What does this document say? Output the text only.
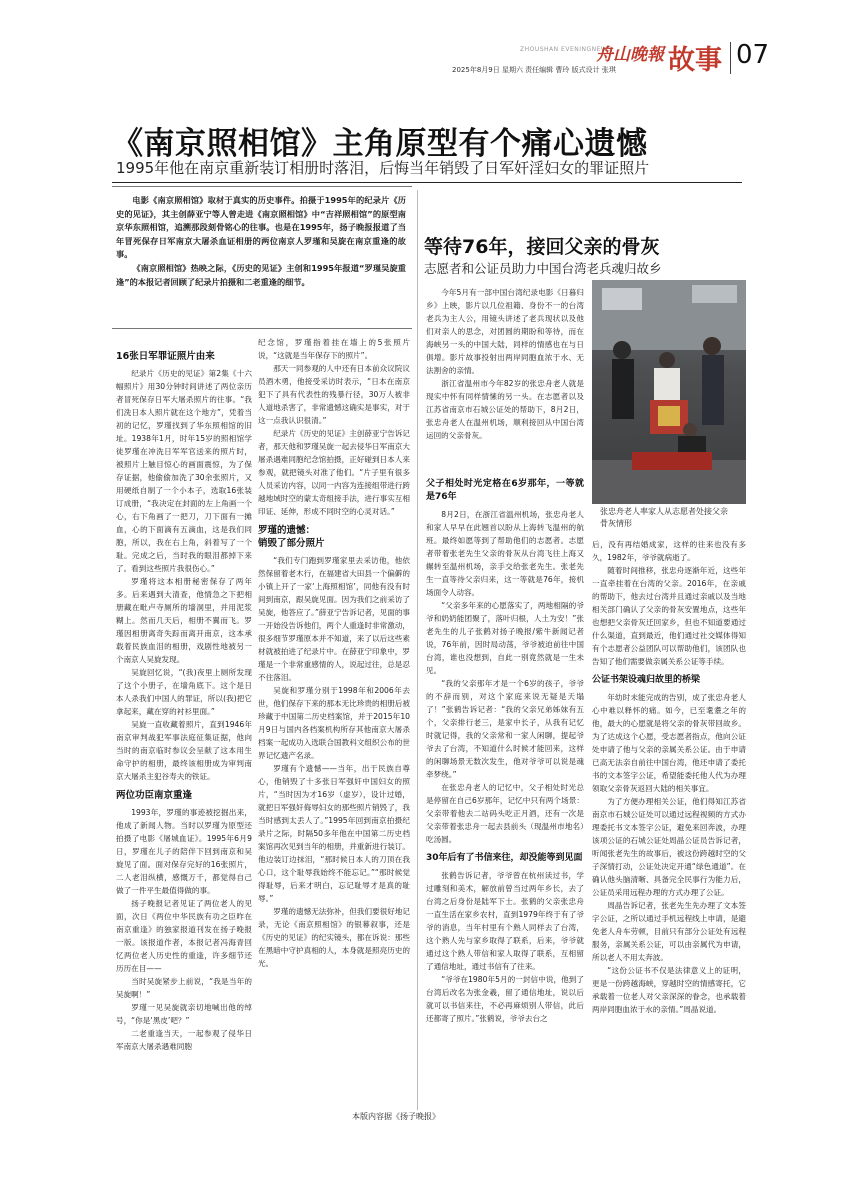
ZHOUSHAN EVENINGNEWS
舟山晚報
2025年8月9日 星期六 责任编辑 曹玲 版式设计 张琪 故事 07
《南京照相馆》主角原型有个痛心遗憾
1995年他在南京重新装订相册时落泪，后悔当年销毁了日军奸淫妇女的罪证照片

电影《南京照相馆》取材于真实的历史事件。拍摄于1995年的纪录片《历史的见证》，其主创薛亚宁等人曾走进《南京照相馆》中“吉祥照相馆”的原型南京华东照相馆，追溯那段刻骨铭心的往事。也是在1995年，扬子晚报报道了当年冒死保存日军南京大屠杀血证相册的两位南京人罗瑾和吴旋在南京重逢的故事。

《南京照相馆》热映之际，《历史的见证》主创和1995年报道“罗瑾吴旋重逢”的本报记者回顾了纪录片拍摄和二老重逢的细节。

16张日军罪证照片由来

纪录片《历史的见证》第2集《十六幅照片》用30分钟时间讲述了两位亲历者冒死保存日军大屠杀照片的往事。“我们洗日本人照片就在这个地方”，凭着当初的记忆，罗瑾找到了华东照相馆的旧址。1938年1月，时年15岁的照相馆学徒罗瑾在冲洗日军军官送来的照片时，被照片上触目惊心的画面震惊，为了保存证据，他偷偷加洗了30余张照片，又用硬纸自制了一个小本子，选取16张装订成册，“我决定在封面的左上角画一个心，右下角画了一把刀，刀下面有一摊血，心的下面滴有五滴血，这是我们同胞，所以，我在右上角，斜着写了一个耻。完成之后，当时我的眼泪都掉下来了。看到这些照片我很伤心。”

罗瑾将这本相册秘密保存了两年多。后来遇到大清查，他情急之下把相册藏在毗卢寺厕所的墙洞里，并用泥浆糊上。然而几天后，相册不翼而飞。罗瑾因相册离奇失踪而离开南京，这本承载着民族血泪的相册，戏剧性地被另一个南京人吴旋发现。

吴旋回忆说，“(我)夜里上厕所发现了这个小册子，在墙角底下。这个是日本人杀我们中国人的罪证，所以(我)把它拿起来，藏在穿的衬衫里面。”

吴旋一直收藏着照片，直到1946年南京审判战犯军事法庭征集证据，他向当时的南京临时参议会呈献了这本用生命守护的相册，最终该相册成为审判南京大屠杀主犯谷寿夫的铁证。

两位功臣南京重逢

1993年，罗瑾的事迹被挖掘出来，他成了新闻人物。当时以罗瑾为原型还拍摄了电影《屠城血证》。1995年6月9日，罗瑾在儿子的陪伴下回到南京和吴旋见了面。面对保存完好的16张照片，二人老泪纵横，感慨万千，都觉得自己做了一件平生最值得做的事。

扬子晚报记者见证了两位老人的见面，次日《两位中华民族有功之臣昨在南京重逢》的独家报道刊发在扬子晚报一版。该报道作者，本报记者冯海青回忆两位老人历史性的重逢，许多细节还历历在目——

当时吴旋紧步上前说，“我是当年的吴旋啊！”

罗瑾一见吴旋就亲切地喊出他的绰号，“你是‘黑皮’吧？”

二老重逢当天，一起参观了侵华日军南京大屠杀遇难同胞

纪念馆，罗瑾指着挂在墙上的5张照片说，“这就是当年保存下的照片”。

那天一同参观的人中还有日本前众议院议员酒木勇，他接受采访时表示，“日本在南京犯下了具有代表性的残暴行径，30万人被非人道地杀害了，非常遗憾这确实是事实，对于这一点我认识很清。”

纪录片《历史的见证》主创薛亚宁告诉记者，那天他和罗瑾吴旋一起去侵华日军南京大屠杀遇难同胞纪念馆拍摄，正好碰到日本人来参观，就把镜头对准了他们。“片子里有很多人员采访内容，以同一内容为连接组带进行跨越地域时空的蒙太奇组接手法，进行事实互相印证、延伸，形成不同时空的心灵对话。”

罗瑾的遗憾：
销毁了部分照片

“我们专门跑到罗瑾家里去采访他，他依然保留着老木行，在福建省大田县一个偏僻的小镇上开了一家‘上海照相馆’，同他有没有时间到南京，跟吴旋见面。因为我们之前采访了吴旋，他答应了。”薛亚宁告诉记者，见面的事一开始没告诉他们，两个人重逢时非常激动，很多细节罗瑾原本并不知道，来了以后这些素材就被拍进了纪录片中。在薛亚宁印象中，罗瑾是一个非常重感情的人，说起过往，总是忍不住落泪。

吴旋和罗瑾分别于1998年和2006年去世，他们保存下来的那本无比珍贵的相册后被珍藏于中国第二历史档案馆，并于2015年10月9日与国内各档案机构所存其他南京大屠杀档案一起成功入选联合国教科文组织公布的世界记忆遗产名录。

罗瑾有个遗憾——当年，出于民族自尊心，他销毁了十多张日军强奸中国妇女的照片，“当时因为才16岁（虚岁），设计过婚，就把日军强奸侮辱妇女的那些照片销毁了，我当时感到太丢人了。”1995年回到南京拍摄纪录片之际，时隔50多年他在中国第二历史档案馆再次见到当年的相册，并重新进行装订。他边装订边抹泪，“那时候日本人的刀顶在我心口，这个耻辱我始终不能忘记。”“那时候觉得耻辱，后来才明白，忘记耻辱才是真的耻辱。”

罗瑾的遗憾无法弥补，但我们要很好地记录，无论《南京照相馆》的银幕叙事，还是《历史的见证》的纪实镜头，都在诉说：那些在黑暗中守护真相的人，本身就是照亮历史的光。

等待76年，接回父亲的骨灰
志愿者和公证员助力中国台湾老兵魂归故乡

今年5月有一部中国台湾纪录电影《日暮归乡》上映，影片以几位祖籍、身份不一的台湾老兵为主人公，用镜头讲述了老兵现状以及他们对亲人的思念，对团圆的期盼和等待，而在海峡另一头的中国大陆，同样的情感也在与日俱增。影片故事投射出两岸同胞血浓于水、无法割舍的亲情。

浙江省温州市今年82岁的张忠舟老人就是现实中怀有同样情愫的另一头。在志愿者以及江苏省南京市石城公证处的帮助下，8月2日，张忠舟老人在温州机场，顺利接回从中国台湾运回的父亲骨灰。

张忠舟老人率家人从志愿者处接父亲骨灰情形
父子相处时光定格在6岁那年，一等就是76年

8月2日，在浙江省温州机场，张忠舟老人和家人早早在此翘首以盼从上海转飞温州的航班。最终如愿等到了帮助他们的志愿者。志愿者带着张老先生父亲的骨灰从台湾飞往上海又辗转至温州机场，亲手交给张老先生。张老先生一直等待父亲归来，这一等就是76年，接机场面令人动容。

“父亲多年来的心愿落实了，两地相隔的爷爷和奶奶能团聚了，落叶归根，人土为安！”张老先生的儿子张鹤对扬子晚报/紫牛新闻记者说，76年前，因时局动荡，爷爷被迫前往中国台湾，谁也没想到，自此一别竟然就是一生未见。

“我的父亲那年才是一个6岁的孩子，爷爷的不辞而别，对这个家庭来说无疑是天塌了！”张鹤告诉记者：“我的父亲兄弟姊妹有五个，父亲排行老三，是家中长子，从我有记忆时就记得，我的父亲常和一家人闲聊，提起爷爷去了台湾，不知道什么时候才能回来，这样的闲聊场景无数次发生，他对爷爷可以说是魂牵梦绕。”

在张忠舟老人的记忆中，父子相处时光总是停留在自己6岁那年，记忆中只有两个场景：父亲带着他去二站码头吃正月酒，还有一次是父亲带着张忠舟一起去县前头（现温州市地名）吃汤圆。

30年后有了书信来往，却没能等到见面

张鹤告诉记者，爷爷曾在杭州读过书，学过雕刻和美术，解放前曾当过两年乡长，去了台湾之后身份是陆军下士。张鹤的父亲张忠舟一直生活在家乡农村，直到1979年终于有了爷爷的消息，当年村里有个熟人同样去了台湾，这个熟人先与家乡取得了联系，后来，爷爷就通过这个熟人带信和家人取得了联系，互相留了通信地址，通过书信有了往来。

“爷爷在1980年5月的一封信中说，他到了台湾后改名为张金羲，留了通信地址，说以后就可以书信来往，不必再麻烦别人带信，此后还都寄了照片。”张鹤说，爷爷去台之

后，没有再结婚成家，这样的往来也没有多久，1982年，爷爷就病逝了。

随着时间推移，张忠舟逐渐年近，这些年一直牵挂着在台湾的父亲。2016年，在亲戚的帮助下，他去过台湾并且通过亲戚以及当地相关部门确认了父亲的骨灰安置地点，这些年也想把父亲骨灰迁回家乡，但也不知道要通过什么渠道，直到最近，他们通过社交媒体得知有个志愿者公益团队可以帮助他们，该团队也告知了他们需要做亲属关系公证等手续。

公证书架设魂归故里的桥梁

年幼时未能完成的告别，成了张忠舟老人心中难以释怀的痛。如今，已至耄耋之年的他，最大的心愿就是将父亲的骨灰带回故乡。为了达成这个心愿，受志愿者指点，他向公证处申请了他与父亲的亲属关系公证。由于申请已高无法亲自前往中国台湾，他还申请了委托书的文本签字公证，希望能委托他人代为办理领取父亲骨灰返回大陆的相关事宜。

为了方便办理相关公证，他们得知江苏省南京市石城公证处可以通过远程视频的方式办理委托书文本签字公证，避免来回奔波，办理该项公证的石城公证处周晶公证员告诉记者，听闻张老先生的故事后，被这份跨越时空的父子深情打动，公证处决定开通“绿色通道”。在确认他头脑清晰、具备完全民事行为能力后，公证员采用远程办理的方式办理了公证。

周晶告诉记者，张老先生先办理了文本签字公证，之所以通过手机远程线上申请，是避免老人舟车劳顿，目前只有部分公证处有远程服务，亲属关系公证，可以由亲属代为申请，所以老人不用太奔波。

“这份公证书不仅是法律意义上的证明，更是一份跨越海峡，穿越时空的情感寄托，它承载着一位老人对父亲深深的眷念，也承载着两岸同胞血浓于水的亲情。”周晶说道。

本版内容据《扬子晚报》
